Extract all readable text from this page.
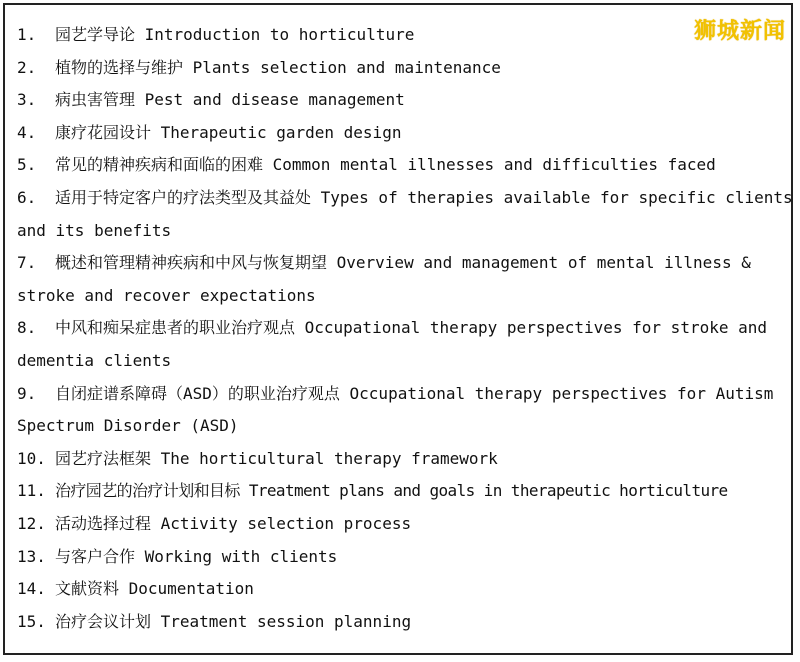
1.	园艺学导论 Introduction to horticulture
2.	植物的选择与维护 Plants selection and maintenance
3.	病虫害管理 Pest and disease management
4.	康疗花园设计 Therapeutic garden design
5.	常见的精神疾病和面临的困难 Common mental illnesses and difficulties faced
6.	适用于特定客户的疗法类型及其益处 Types of therapies available for specific clients and its benefits
7.	概述和管理精神疾病和中风与恢复期望 Overview and management of mental illness & stroke and recover expectations
8.	中风和痴呆症患者的职业治疗观点 Occupational therapy perspectives for stroke and dementia clients
9.	自闭症谱系障碍（ASD）的职业治疗观点 Occupational therapy perspectives for Autism Spectrum Disorder (ASD)
10. 园艺疗法框架 The horticultural therapy framework
11. 治疗园艺的治疗计划和目标 Treatment plans and goals in therapeutic horticulture
12. 活动选择过程 Activity selection process
13. 与客户合作 Working with clients
14. 文献资料 Documentation
15. 治疗会议计划 Treatment session planning
狮城新闻
